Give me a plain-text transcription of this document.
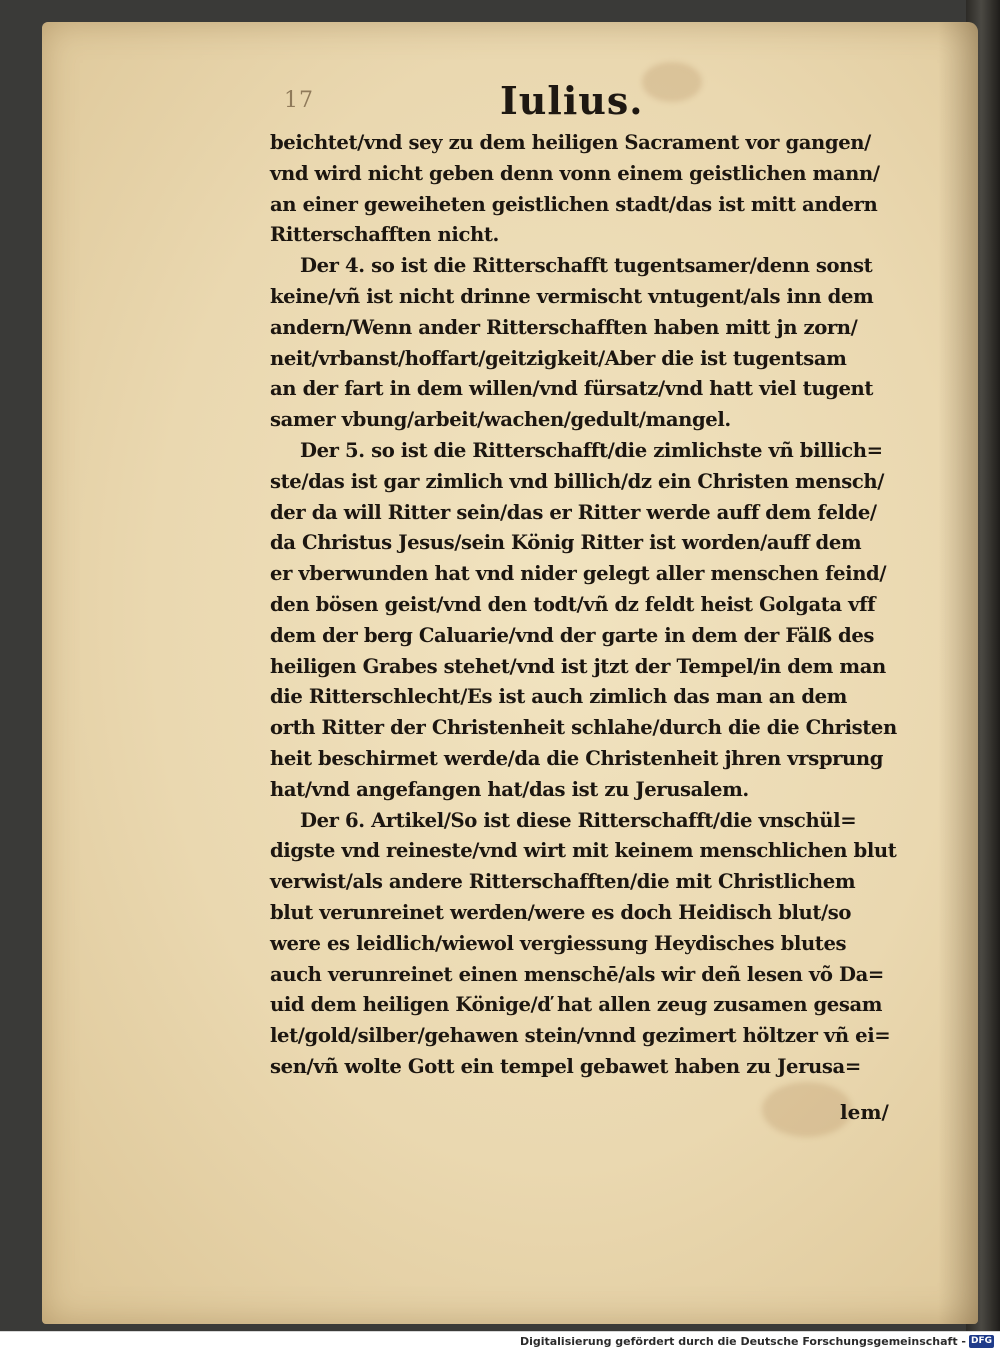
17	Iulius.
beichtet/vnd sey zu dem heiligen Sacrament vor gangen/
vnd wird nicht geben denn vonn einem geistlichen mann/
an einer geweiheten geistlichen stadt/das ist mitt andern
Ritterschafften nicht.
Der 4. so ist die Ritterschafft tugentsamer/denn sonst
keine/vñ ist nicht drinne vermischt vntugent/als inn dem
andern/Wenn ander Ritterschafften haben mitt jn zorn/
neit/vrbanst/hoffart/geitzigkeit/Aber die ist tugentsam
an der fart in dem willen/vnd fürsatz/vnd hatt viel tugent
samer vbung/arbeit/wachen/gedult/mangel.
Der 5. so ist die Ritterschafft/die zimlichste vñ billich=
ste/das ist gar zimlich vnd billich/dz ein Christen mensch/
der da will Ritter sein/das er Ritter werde auff dem felde/
da Christus Jesus/sein König Ritter ist worden/auff dem
er vberwunden hat vnd nider gelegt aller menschen feind/
den bösen geist/vnd den todt/vñ dz feldt heist Golgata vff
dem der berg Caluarie/vnd der garte in dem der Fälß des
heiligen Grabes stehet/vnd ist jtzt der Tempel/in dem man
die Ritterschlecht/Es ist auch zimlich das man an dem
orth Ritter der Christenheit schlahe/durch die die Christen
heit beschirmet werde/da die Christenheit jhren vrsprung
hat/vnd angefangen hat/das ist zu Jerusalem.
Der 6. Artikel/So ist diese Ritterschafft/die vnschül=
digste vnd reineste/vnd wirt mit keinem menschlichen blut
verwist/als andere Ritterschafften/die mit Christlichem
blut verunreinet werden/were es doch Heidisch blut/so
were es leidlich/wiewol vergiessung Heydisches blutes
auch verunreinet einen menschē/als wir deñ lesen võ Da=
uid dem heiligen Könige/ď hat allen zeug zusamen gesam
let/gold/silber/gehawen stein/vnnd gezimert höltzer vñ ei=
sen/vñ wolte Gott ein tempel gebawet haben zu Jerusa=
lem/
Digitalisierung gefördert durch die Deutsche Forschungsgemeinschaft - DFG
